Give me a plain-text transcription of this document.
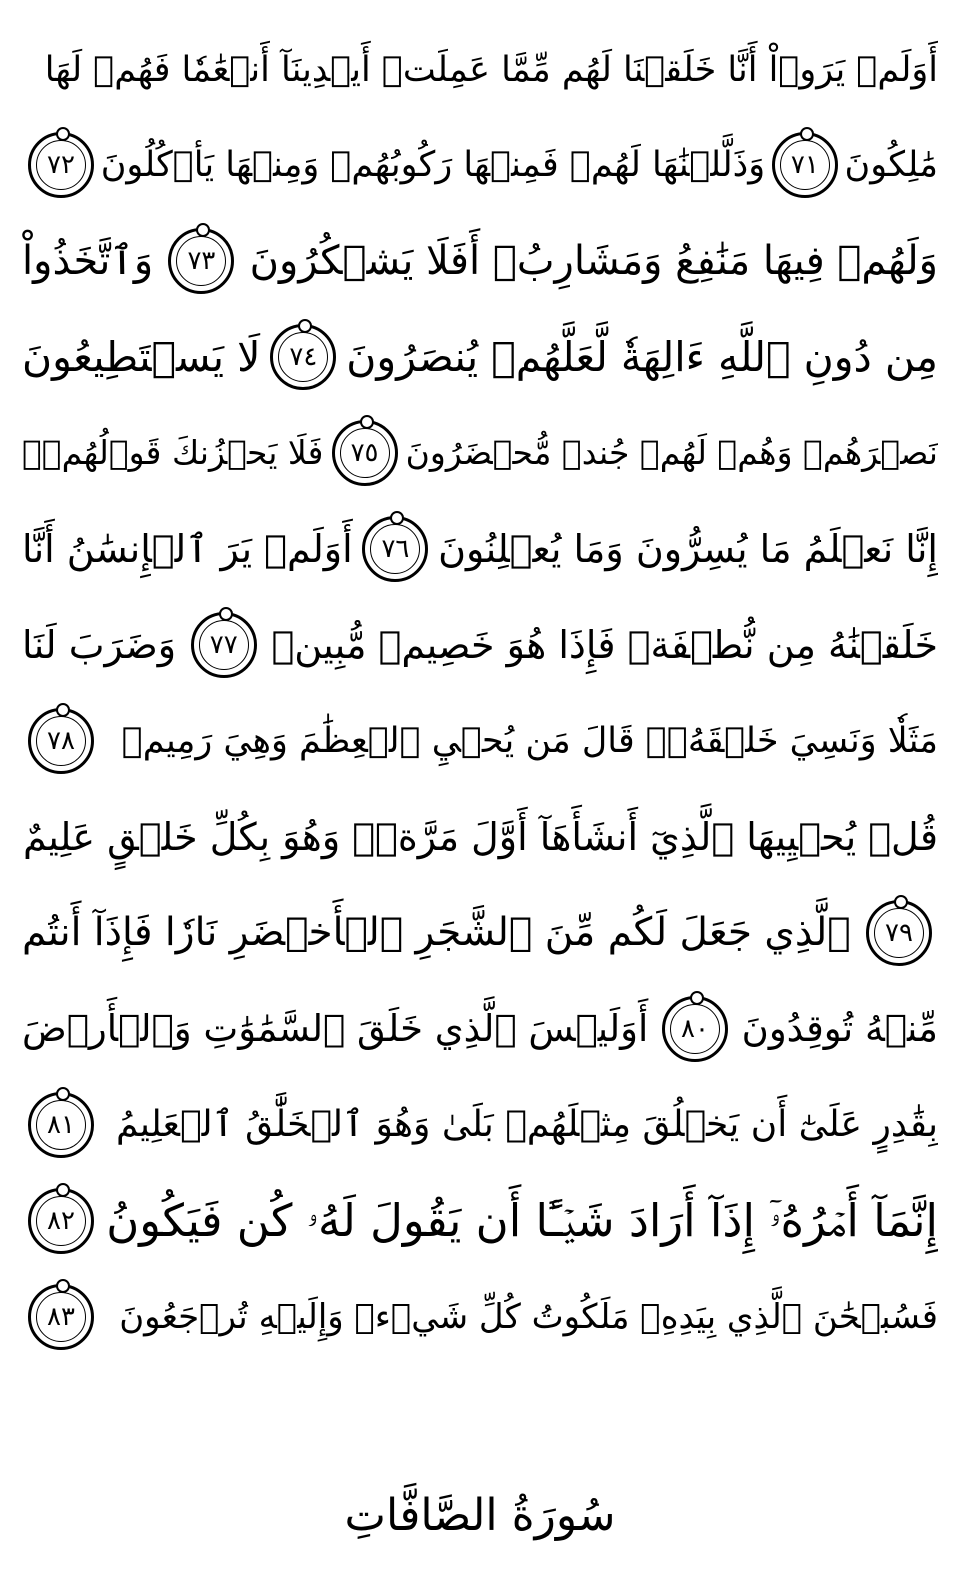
أَوَلَمۡ يَرَوۡاْ أَنَّا خَلَقۡنَا لَهُم مِّمَّا عَمِلَتۡ أَيۡدِينَآ أَنۡعَٰمٗا فَهُمۡ لَهَا
مَٰلِكُونَ
٧١
وَذَلَّلۡنَٰهَا لَهُمۡ فَمِنۡهَا رَكُوبُهُمۡ وَمِنۡهَا يَأۡكُلُونَ
٧٢
وَلَهُمۡ فِيهَا مَنَٰفِعُ وَمَشَارِبُۚ أَفَلَا يَشۡكُرُونَ
٧٣
وَٱتَّخَذُواْ
مِن دُونِ ٱللَّهِ ءَالِهَةٗ لَّعَلَّهُمۡ يُنصَرُونَ
٧٤
لَا يَسۡتَطِيعُونَ
نَصۡرَهُمۡ وَهُمۡ لَهُمۡ جُندٞ مُّحۡضَرُونَ
٧٥
فَلَا يَحۡزُنكَ قَوۡلُهُمۡۘ
إِنَّا نَعۡلَمُ مَا يُسِرُّونَ وَمَا يُعۡلِنُونَ
٧٦
أَوَلَمۡ يَرَ ٱلۡإِنسَٰنُ أَنَّا
خَلَقۡنَٰهُ مِن نُّطۡفَةٖ فَإِذَا هُوَ خَصِيمٞ مُّبِينٞ
٧٧
وَضَرَبَ لَنَا
مَثَلٗا وَنَسِيَ خَلۡقَهُۥۖ قَالَ مَن يُحۡيِ ٱلۡعِظَٰمَ وَهِيَ رَمِيمٞ
٧٨
قُلۡ يُحۡيِيهَا ٱلَّذِيٓ أَنشَأَهَآ أَوَّلَ مَرَّةٖۖ وَهُوَ بِكُلِّ خَلۡقٍ عَلِيمٌ
٧٩
ٱلَّذِي جَعَلَ لَكُم مِّنَ ٱلشَّجَرِ ٱلۡأَخۡضَرِ نَارٗا فَإِذَآ أَنتُم
مِّنۡهُ تُوقِدُونَ
٨٠
أَوَلَيۡسَ ٱلَّذِي خَلَقَ ٱلسَّمَٰوَٰتِ وَٱلۡأَرۡضَ
بِقَٰدِرٍ عَلَىٰٓ أَن يَخۡلُقَ مِثۡلَهُمۚ بَلَىٰ وَهُوَ ٱلۡخَلَّٰقُ ٱلۡعَلِيمُ
٨١
إِنَّمَآ أَمۡرُهُۥٓ إِذَآ أَرَادَ شَيۡـًٔا أَن يَقُولَ لَهُۥ كُن فَيَكُونُ
٨٢
فَسُبۡحَٰنَ ٱلَّذِي بِيَدِهِۦ مَلَكُوتُ كُلِّ شَيۡءٖ وَإِلَيۡهِ تُرۡجَعُونَ
٨٣
سُورَةُ الصَّافَّاتِ
